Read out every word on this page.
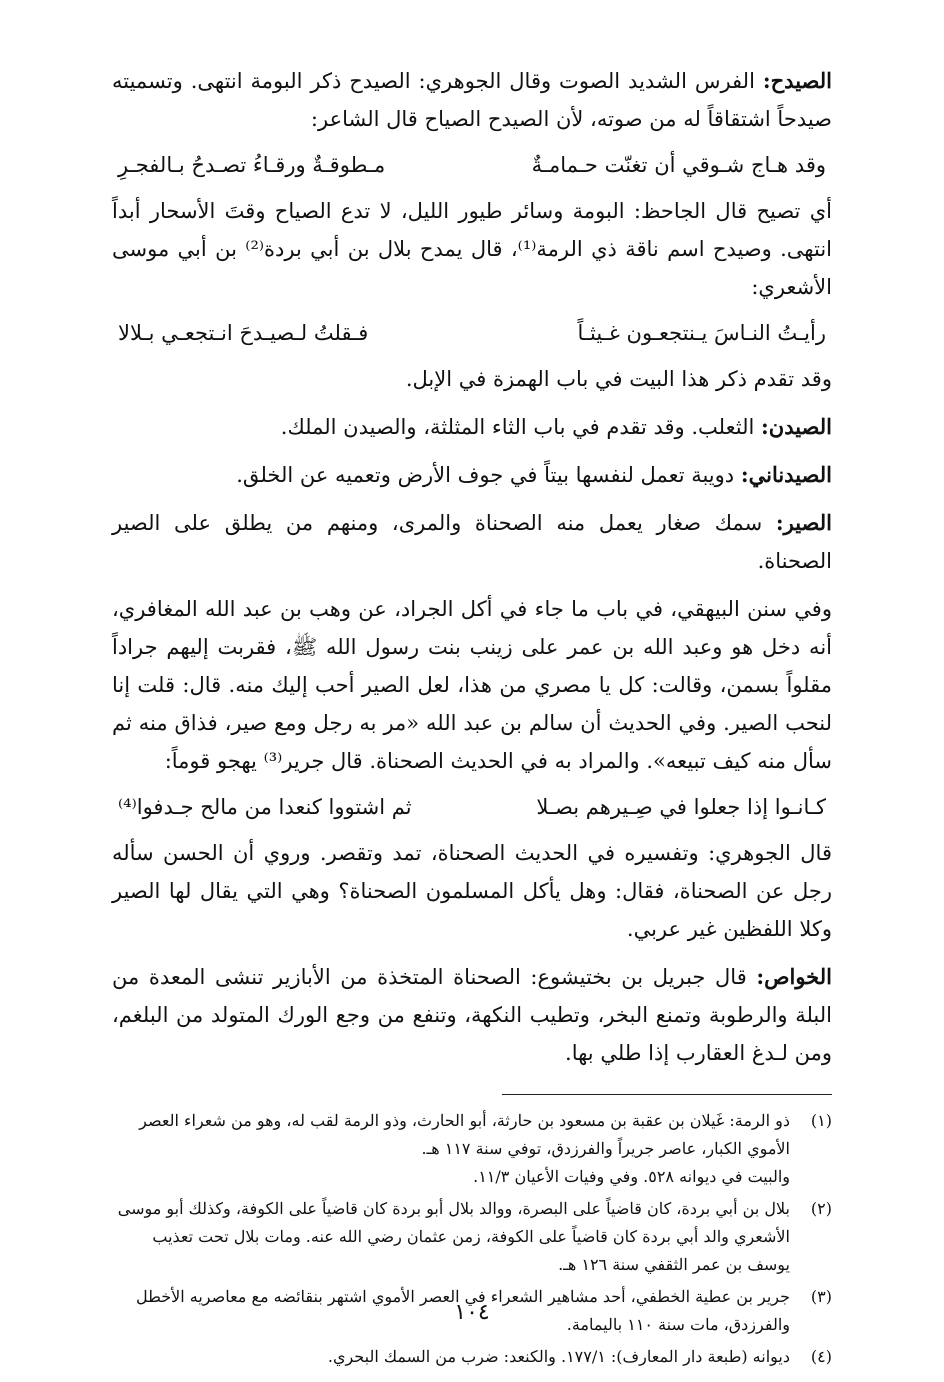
الصيدح: الفرس الشديد الصوت وقال الجوهري: الصيدح ذكر البومة انتهى. وتسميته صيدحاً اشتقاقاً له من صوته، لأن الصيدح الصياح قال الشاعر:

وقد هـاج شـوقي أن تغنّت حـمامـةٌ
مـطوقـةٌ ورقـاءُ تصـدحُ بـالفجـرِ

أي تصيح قال الجاحظ: البومة وسائر طيور الليل، لا تدع الصياح وقتَ الأسحار أبداً انتهى. وصيدح اسم ناقة ذي الرمة⁽¹⁾، قال يمدح بلال بن أبي بردة⁽²⁾ بن أبي موسى الأشعري:

رأيـتُ النـاسَ يـنتجعـون غـيثـاً
فـقلتُ لـصيـدحَ انـتجعـي بـلالا

وقد تقدم ذكر هذا البيت في باب الهمزة في الإبل.

الصيدن: الثعلب. وقد تقدم في باب الثاء المثلثة، والصيدن الملك.

الصيدناني: دويبة تعمل لنفسها بيتاً في جوف الأرض وتعميه عن الخلق.

الصير: سمك صغار يعمل منه الصحناة والمرى، ومنهم من يطلق على الصير الصحناة.

وفي سنن البيهقي، في باب ما جاء في أكل الجراد، عن وهب بن عبد الله المغافري، أنه دخل هو وعبد الله بن عمر على زينب بنت رسول الله ﷺ، فقربت إليهم جراداً مقلواً بسمن، وقالت: كل يا مصري من هذا، لعل الصير أحب إليك منه. قال: قلت إنا لنحب الصير. وفي الحديث أن سالم بن عبد الله «مر به رجل ومع صير، فذاق منه ثم سأل منه كيف تبيعه». والمراد به في الحديث الصحناة. قال جرير⁽³⁾ يهجو قوماً:

كـانـوا إذا جعلوا في صِـيرهم بصـلا
ثم اشتووا كنعدا من مالح جـدفوا⁽⁴⁾

قال الجوهري: وتفسيره في الحديث الصحناة، تمد وتقصر. وروي أن الحسن سأله رجل عن الصحناة، فقال: وهل يأكل المسلمون الصحناة؟ وهي التي يقال لها الصير وكلا اللفظين غير عربي.

الخواص: قال جبريل بن بختيشوع: الصحناة المتخذة من الأبازير تنشى المعدة من البلة والرطوبة وتمنع البخر، وتطيب النكهة، وتنفع من وجع الورك المتولد من البلغم، ومن لـدغ العقارب إذا طلي بها.

(١)
ذو الرمة: غَيلان بن عقبة بن مسعود بن حارثة، أبو الحارث، وذو الرمة لقب له، وهو من شعراء العصر
الأموي الكبار، عاصر جريراً والفرزدق، توفي سنة ١١٧ هـ.
والبيت في ديوانه ٥٢٨. وفي وفيات الأعيان ١١/٣.
(٢)
بلال بن أبي بردة، كان قاضياً على البصرة، ووالد بلال أبو بردة كان قاضياً على الكوفة، وكذلك أبو موسى
الأشعري والد أبي بردة كان قاضياً على الكوفة، زمن عثمان رضي الله عنه. ومات بلال تحت تعذيب
يوسف بن عمر الثقفي سنة ١٢٦ هـ.
(٣)
جرير بن عطية الخطفي، أحد مشاهير الشعراء في العصر الأموي اشتهر بنقائضه مع معاصريه الأخطل
والفرزدق، مات سنة ١١٠ باليمامة.
(٤)
ديوانه (طبعة دار المعارف): ١٧٧/١. والكنعد: ضرب من السمك البحري.
١٠٤
